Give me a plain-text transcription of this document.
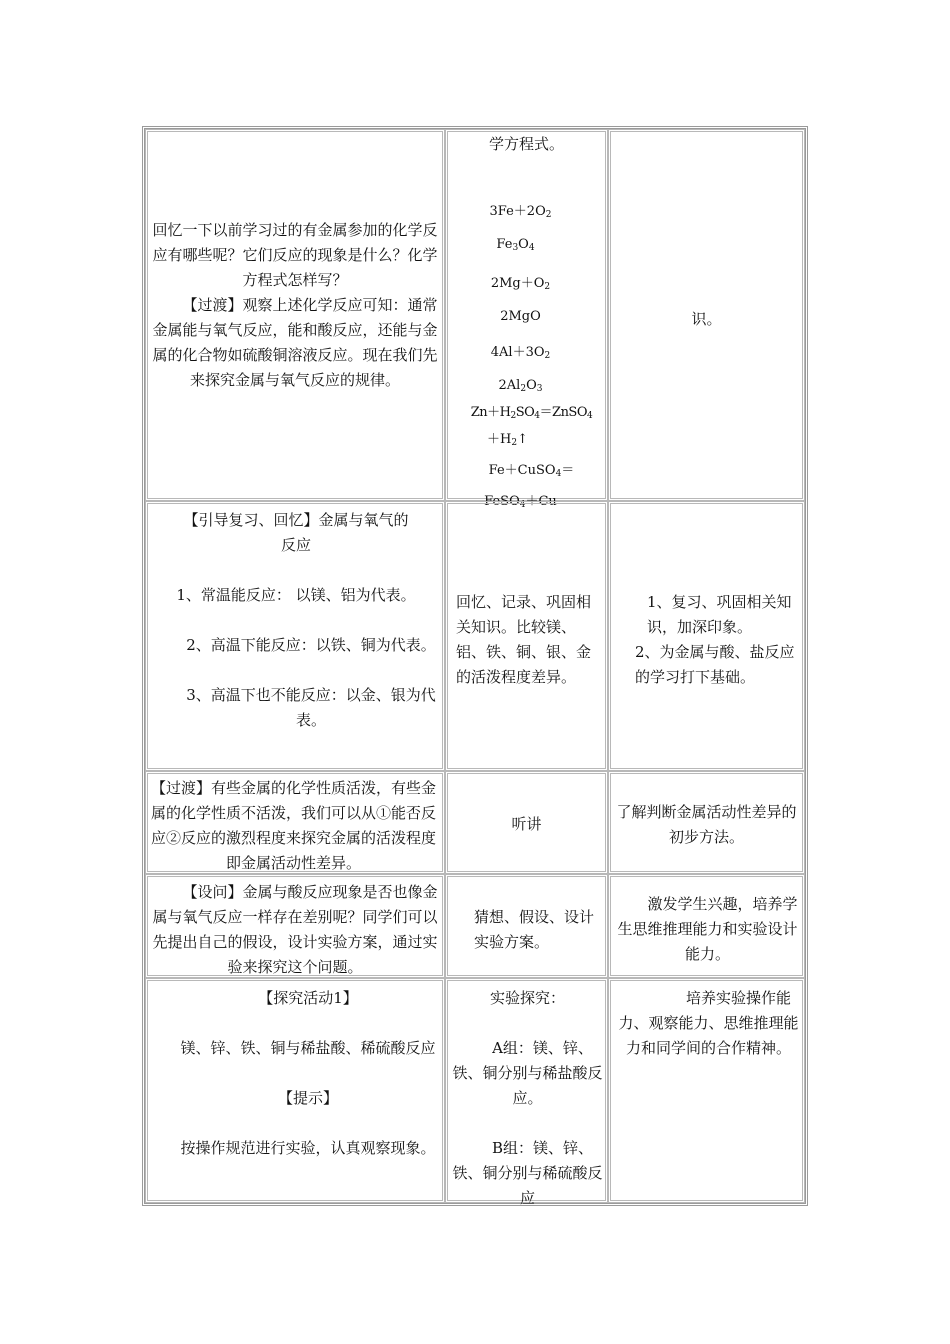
回忆一下以前学习过的有金属参加的化学反应有哪些呢？它们反应的现象是什么？化学方程式怎样写？

【过渡】观察上述化学反应可知：通常金属能与氧气反应，能和酸反应，还能与金属的化合物如硫酸铜溶液反应。现在我们先来探究金属与氧气反应的规律。

学方程式。

$3Fe+2O_2$
$Fe_3O_4$
$2Mg+O_2$
2MgO
$4Al+3O_2$
$2Al_2O_3$
$Zn+H_2SO_4=ZnSO_4$
$+H_2↑$
Fe＋CuSO$_4$＝
FeSO$_4$＋Cu

识。

【引导复习、回忆】金属与氧气的反应

1、常温能反应： 以镁、铝为代表。

2、高温下能反应：以铁、铜为代表。

3、高温下也不能反应：以金、银为代表。

回忆、记录、巩固相关知识。比较镁、铝、铁、铜、银、金的活泼程度差异。

1、复习、巩固相关知识，加深印象。

2、为金属与酸、盐反应的学习打下基础。

【过渡】有些金属的化学性质活泼，有些金属的化学性质不活泼，我们可以从①能否反应②反应的激烈程度来探究金属的活泼程度即金属活动性差异。

听讲

了解判断金属活动性差异的初步方法。

【设问】金属与酸反应现象是否也像金属与氧气反应一样存在差别呢？同学们可以先提出自己的假设，设计实验方案，通过实验来探究这个问题。

猜想、假设、设计实验方案。

激发学生兴趣，培养学生思维推理能力和实验设计能力。

【探究活动1】

镁、锌、铁、铜与稀盐酸、稀硫酸反应

【提示】

按操作规范进行实验，认真观察现象。

实验探究：

A组：镁、锌、铁、铜分别与稀盐酸反应。

B组：镁、锌、铁、铜分别与稀硫酸反应

培养实验操作能力、观察能力、思维推理能力和同学间的合作精神。
